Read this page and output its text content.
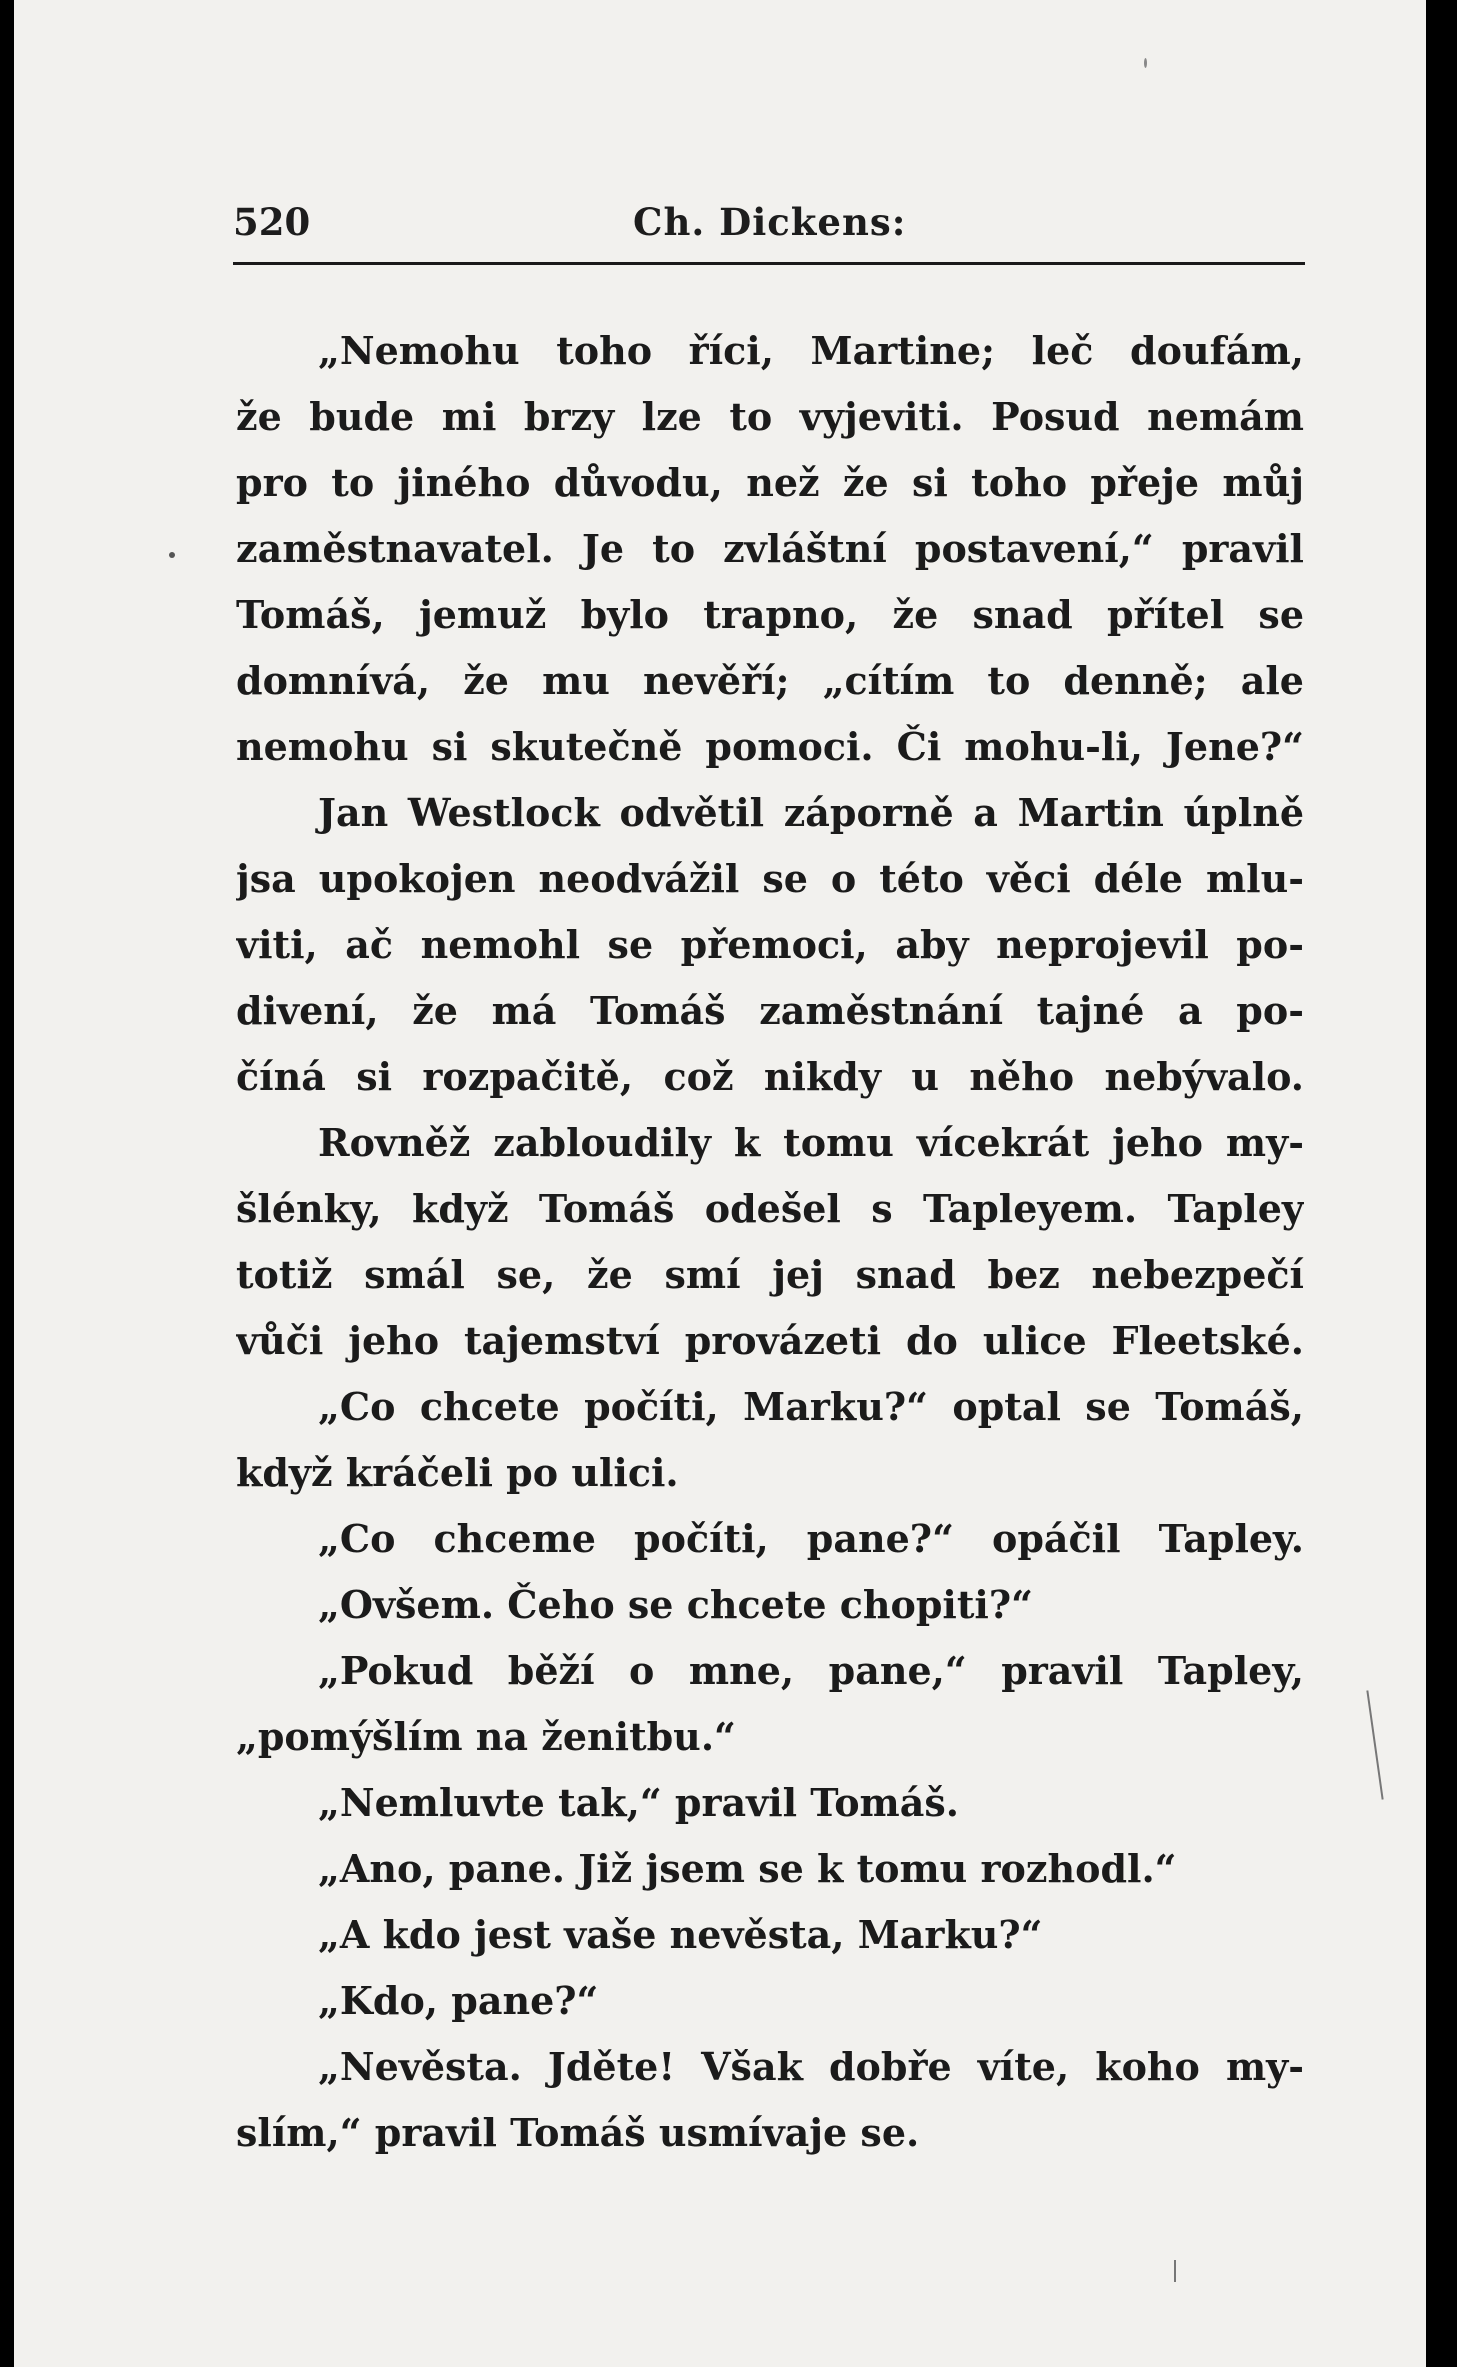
520	Ch. Dickens:
„Nemohu toho říci, Martine; leč doufám,
že bude mi brzy lze to vyjeviti. Posud nemám
pro to jiného důvodu, než že si toho přeje můj
zaměstnavatel. Je to zvláštní postavení,“ pravil
Tomáš, jemuž bylo trapno, že snad přítel se
domnívá, že mu nevěří; „cítím to denně; ale
nemohu si skutečně pomoci. Či mohu-li, Jene?“
Jan Westlock odvětil záporně a Martin úplně
jsa upokojen neodvážil se o této věci déle mlu-
viti, ač nemohl se přemoci, aby neprojevil po-
divení, že má Tomáš zaměstnání tajné a po-
číná si rozpačitě, což nikdy u něho nebývalo.
Rovněž zabloudily k tomu vícekrát jeho my-
šlénky, když Tomáš odešel s Tapleyem. Tapley
totiž smál se, že smí jej snad bez nebezpečí
vůči jeho tajemství provázeti do ulice Fleetské.
„Co chcete počíti, Marku?“ optal se Tomáš,
když kráčeli po ulici.
„Co chceme počíti, pane?“ opáčil Tapley.
„Ovšem. Čeho se chcete chopiti?“
„Pokud běží o mne, pane,“ pravil Tapley,
„pomýšlím na ženitbu.“
„Nemluvte tak,“ pravil Tomáš.
„Ano, pane. Již jsem se k tomu rozhodl.“
„A kdo jest vaše nevěsta, Marku?“
„Kdo, pane?“
„Nevěsta. Jděte! Však dobře víte, koho my-
slím,“ pravil Tomáš usmívaje se.
